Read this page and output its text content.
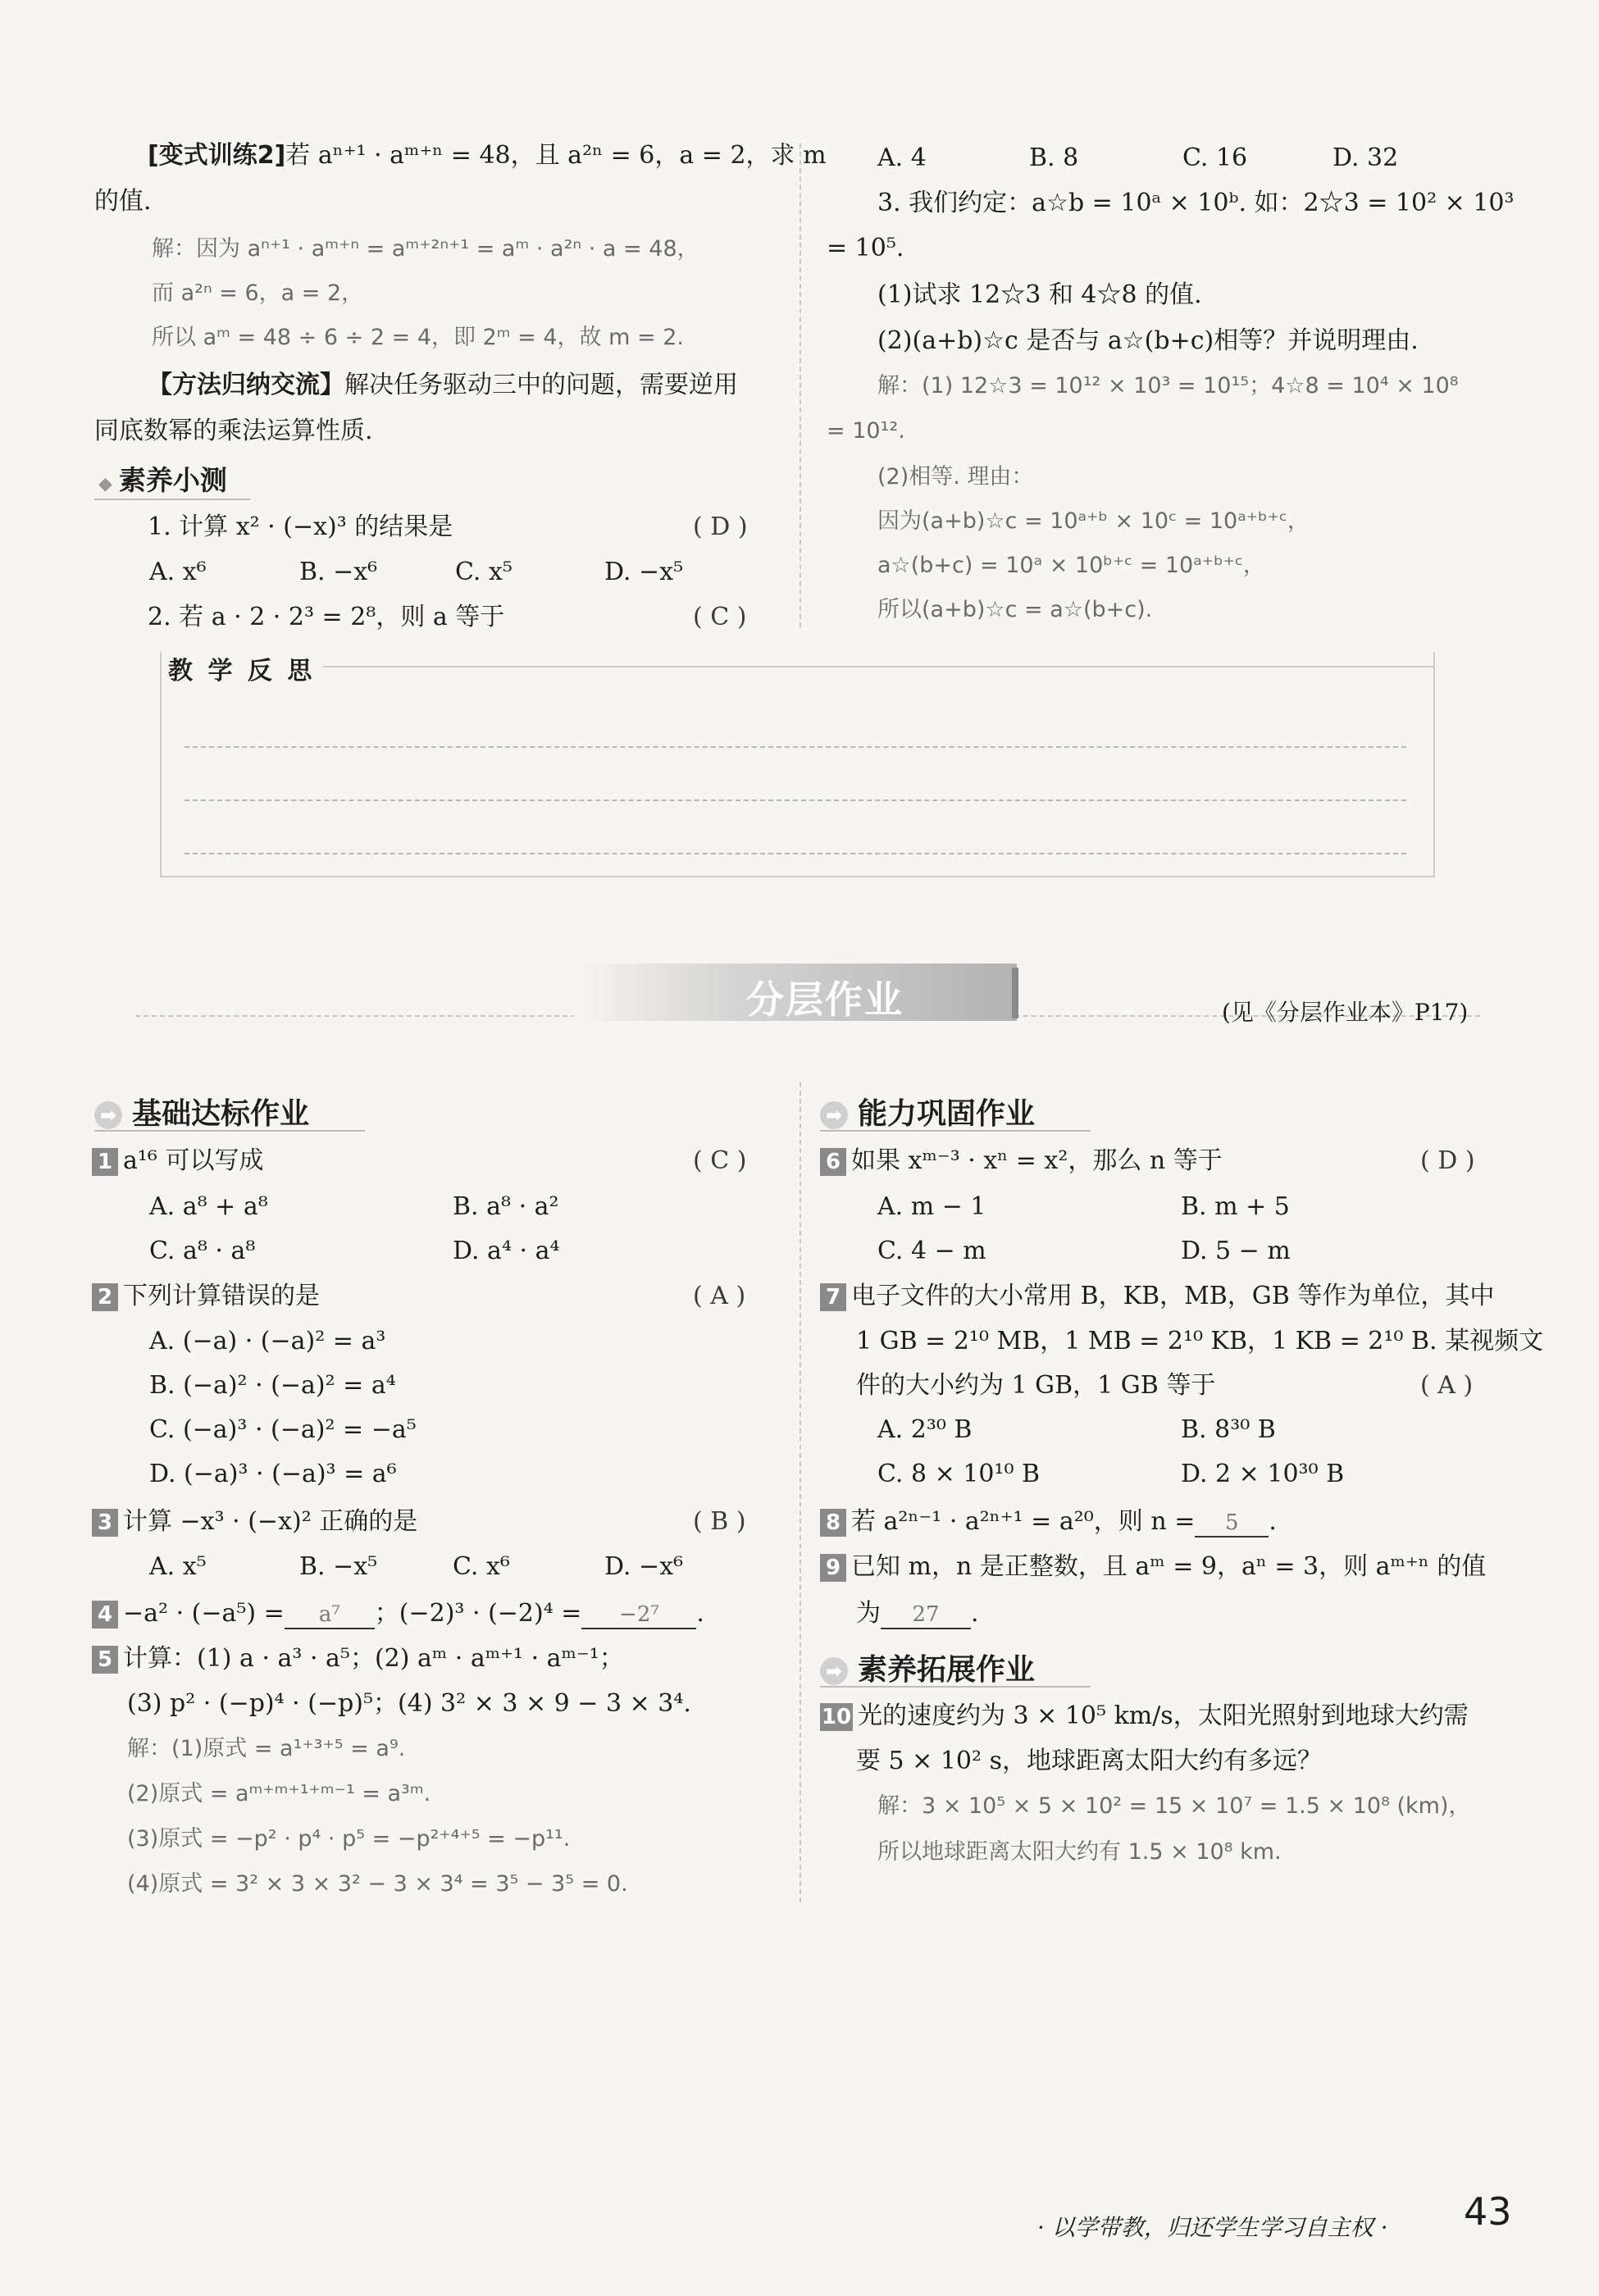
[变式训练2]若 aⁿ⁺¹ · aᵐ⁺ⁿ = 48，且 a²ⁿ = 6，a = 2，求 m
的值.
解：因为 aⁿ⁺¹ · aᵐ⁺ⁿ = aᵐ⁺²ⁿ⁺¹ = aᵐ · a²ⁿ · a = 48，
而 a²ⁿ = 6，a = 2，
所以 aᵐ = 48 ÷ 6 ÷ 2 = 4，即 2ᵐ = 4，故 m = 2.
【方法归纳交流】解决任务驱动三中的问题，需要逆用
同底数幂的乘法运算性质.
◆ 素养小测
1. 计算 x² · (−x)³ 的结果是	( D )
A. x⁶	B. −x⁶	C. x⁵	D. −x⁵
2. 若 a · 2 · 2³ = 2⁸，则 a 等于	( C )
A. 4	B. 8	C. 16	D. 32
3. 我们约定：a☆b = 10ᵃ × 10ᵇ. 如：2☆3 = 10² × 10³
= 10⁵.
(1)试求 12☆3 和 4☆8 的值.
(2)(a+b)☆c 是否与 a☆(b+c)相等？并说明理由.
解：(1) 12☆3 = 10¹² × 10³ = 10¹⁵；4☆8 = 10⁴ × 10⁸
= 10¹².
(2)相等. 理由：
因为(a+b)☆c = 10ᵃ⁺ᵇ × 10ᶜ = 10ᵃ⁺ᵇ⁺ᶜ，
a☆(b+c) = 10ᵃ × 10ᵇ⁺ᶜ = 10ᵃ⁺ᵇ⁺ᶜ，
所以(a+b)☆c = a☆(b+c).
教 学 反 思
分层作业	(见《分层作业本》P17)
➡ 基础达标作业
1 a¹⁶ 可以写成	( C )
A. a⁸ + a⁸	B. a⁸ · a²
C. a⁸ · a⁸	D. a⁴ · a⁴
2 下列计算错误的是	( A )
A. (−a) · (−a)² = a³
B. (−a)² · (−a)² = a⁴
C. (−a)³ · (−a)² = −a⁵
D. (−a)³ · (−a)³ = a⁶
3 计算 −x³ · (−x)² 正确的是	( B )
A. x⁵	B. −x⁵	C. x⁶	D. −x⁶
4 −a² · (−a⁵) = a⁷ ；(−2)³ · (−2)⁴ = −2⁷ .
5 计算：(1) a · a³ · a⁵；(2) aᵐ · aᵐ⁺¹ · aᵐ⁻¹；
(3) p² · (−p)⁴ · (−p)⁵；(4) 3² × 3 × 9 − 3 × 3⁴.
解：(1)原式 = a¹⁺³⁺⁵ = a⁹.
(2)原式 = aᵐ⁺ᵐ⁺¹⁺ᵐ⁻¹ = a³ᵐ.
(3)原式 = −p² · p⁴ · p⁵ = −p²⁺⁴⁺⁵ = −p¹¹.
(4)原式 = 3² × 3 × 3² − 3 × 3⁴ = 3⁵ − 3⁵ = 0.
➡ 能力巩固作业
6 如果 xᵐ⁻³ · xⁿ = x²，那么 n 等于	( D )
A. m − 1	B. m + 5
C. 4 − m	D. 5 − m
7 电子文件的大小常用 B，KB，MB，GB 等作为单位，其中
1 GB = 2¹⁰ MB，1 MB = 2¹⁰ KB，1 KB = 2¹⁰ B. 某视频文
件的大小约为 1 GB，1 GB 等于	( A )
A. 2³⁰ B	B. 8³⁰ B
C. 8 × 10¹⁰ B	D. 2 × 10³⁰ B
8 若 a²ⁿ⁻¹ · a²ⁿ⁺¹ = a²⁰，则 n = 5 .
9 已知 m，n 是正整数，且 aᵐ = 9，aⁿ = 3，则 aᵐ⁺ⁿ 的值
为 27 .
➡ 素养拓展作业
10 光的速度约为 3 × 10⁵ km/s，太阳光照射到地球大约需
要 5 × 10² s，地球距离太阳大约有多远？
解：3 × 10⁵ × 5 × 10² = 15 × 10⁷ = 1.5 × 10⁸ (km)，
所以地球距离太阳大约有 1.5 × 10⁸ km.
· 以学带教，归还学生学习自主权 · 43
